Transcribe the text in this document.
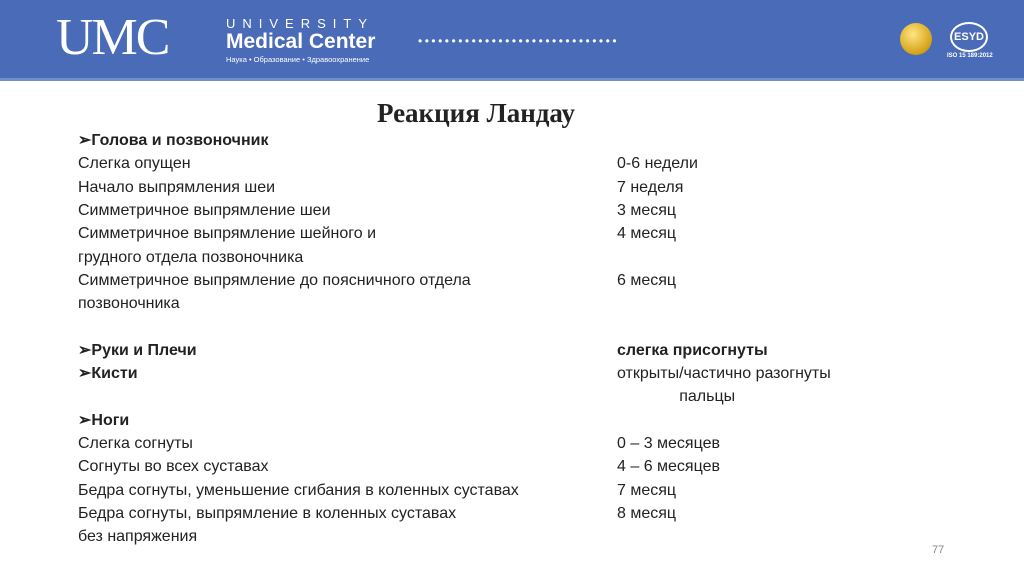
UMC	UNIVERSITY
Medical Center
Наука • Образование • Здравоохранение
••••••••••••••••••••••••••••••	ESYD
ISO 15 189:2012
Реакция Ландау
➢Голова и позвоночник
Слегка опущен	0-6 недели
Начало выпрямления шеи	7 неделя
Симметричное выпрямление шеи	3 месяц
Симметричное выпрямление шейного и	4 месяц
грудного отдела позвоночника
Симметричное выпрямление до поясничного отдела	6 месяц
позвоночника
➢Руки и Плечи	слегка присогнуты
➢Кисти	открыты/частично разогнуты
пальцы
➢Ноги
Слегка согнуты	0 – 3 месяцев
Согнуты во всех суставах	4 – 6 месяцев
Бедра согнуты, уменьшение сгибания в коленных суставах	7 месяц
Бедра согнуты, выпрямление в коленных суставах	8 месяц
без напряжения
77
